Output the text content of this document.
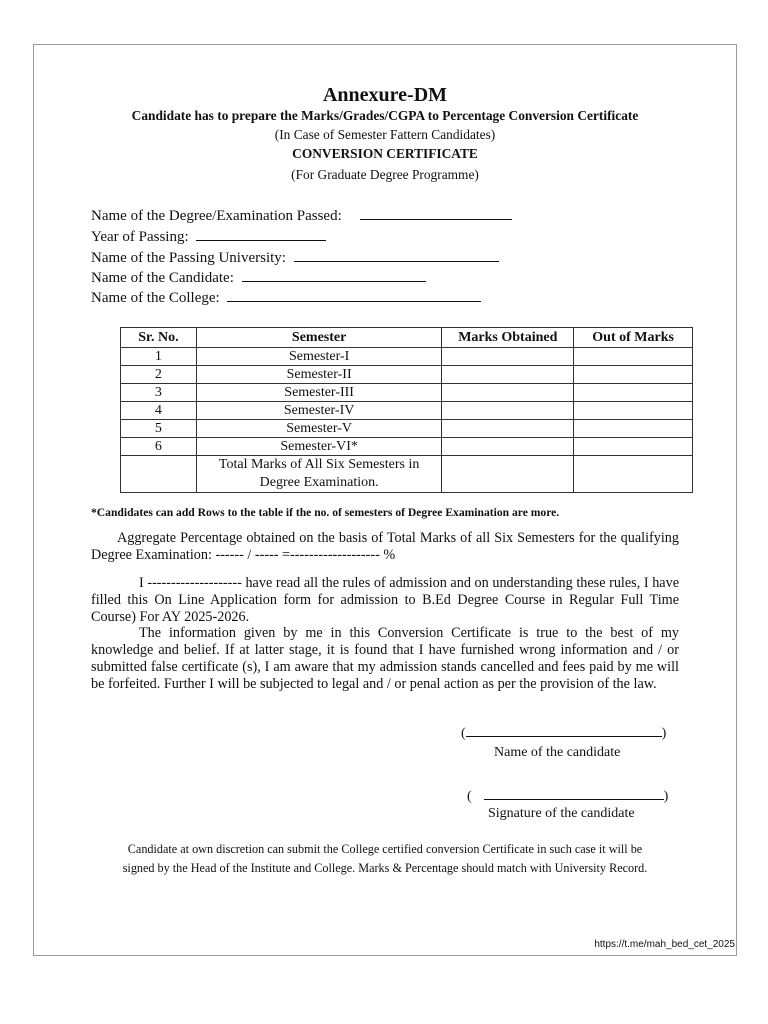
Annexure-DM
Candidate has to prepare the Marks/Grades/CGPA to Percentage Conversion Certificate
(In Case of Semester Fattern Candidates)
CONVERSION CERTIFICATE
(For Graduate Degree Programme)
Name of the Degree/Examination Passed:
Year of Passing:
Name of the Passing University:
Name of the Candidate:
Name of the College:
Sr. No.	Semester	Marks Obtained	Out of Marks
1	Semester-I		
2	Semester-II		
3	Semester-III		
4	Semester-IV		
5	Semester-V		
6	Semester-VI*		
	Total Marks of All Six Semesters in Degree Examination.		
*Candidates can add Rows to the table if the no. of semesters of Degree Examination are more.
Aggregate Percentage obtained on the basis of Total Marks of all Six Semesters for the qualifying Degree Examination: ------ / ----- =------------------- %
I -------------------- have read all the rules of admission and on understanding these rules, I have filled this On Line Application form for admission to B.Ed Degree Course in Regular Full Time Course) For AY 2025-2026.
The information given by me in this Conversion Certificate is true to the best of my knowledge and belief. If at latter stage, it is found that I have furnished wrong information and / or submitted false certificate (s), I am aware that my admission stands cancelled and fees paid by me will be forfeited. Further I will be subjected to legal and / or penal action as per the provision of the law.
(	)
Name of the candidate
(	)
Signature of the candidate
Candidate at own discretion can submit the College certified conversion Certificate in such case it will be
signed by the Head of the Institute and College. Marks & Percentage should match with University Record.
https://t.me/mah_bed_cet_2025
